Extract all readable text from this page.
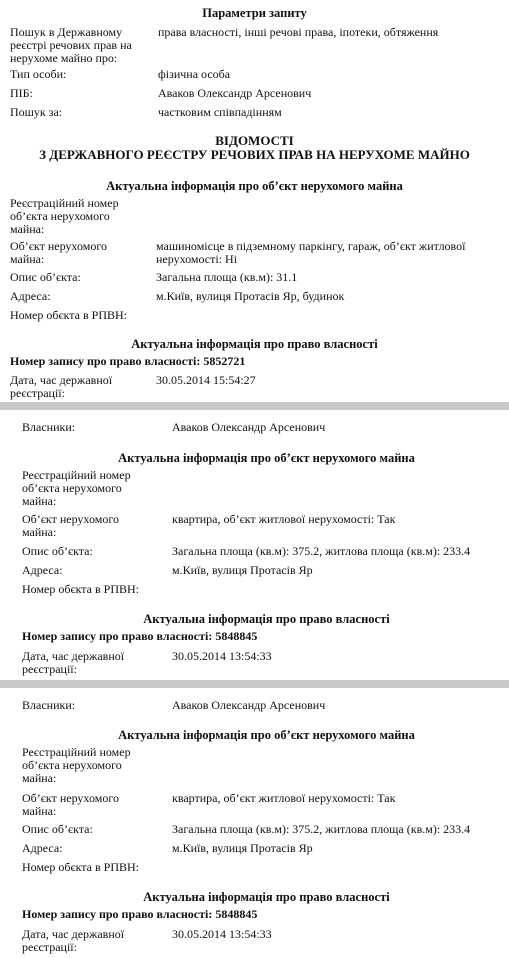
Параметри запиту
Пошук в Державному реєстрі речових прав на нерухоме майно про:
права власності, інші речові права, іпотеки, обтяження
Тип особи:	фізична особа
ПІБ:	Аваков Олександр Арсенович
Пошук за:	частковим співпадінням
ВІДОМОСТІ
З ДЕРЖАВНОГО РЕЄСТРУ РЕЧОВИХ ПРАВ НА НЕРУХОМЕ МАЙНО
Актуальна інформація про об’єкт нерухомого майна
Реєстраційний номер об’єкта нерухомого майна:
Об’єкт нерухомого майна:
машиномісце в підземному паркінгу, гараж, об’єкт житлової нерухомості: Ні
Опис об’єкта:	Загальна площа (кв.м): 31.1
Адреса:	м.Київ, вулиця Протасів Яр, будинок
Номер обєкта в РПВН:
Актуальна інформація про право власності
Номер запису про право власності: 5852721
Дата, час державної реєстрації:
30.05.2014 15:54:27
Власники:	Аваков Олександр Арсенович
Актуальна інформація про об’єкт нерухомого майна
Реєстраційний номер об’єкта нерухомого майна:
Об’єкт нерухомого майна:
квартира, об’єкт житлової нерухомості: Так
Опис об’єкта:	Загальна площа (кв.м): 375.2, житлова площа (кв.м): 233.4
Адреса:	м.Київ, вулиця Протасів Яр
Номер обєкта в РПВН:
Актуальна інформація про право власності
Номер запису про право власності: 5848845
Дата, час державної реєстрації:
30.05.2014 13:54:33
Власники:	Аваков Олександр Арсенович
Актуальна інформація про об’єкт нерухомого майна
Реєстраційний номер об’єкта нерухомого майна:
Об’єкт нерухомого майна:
квартира, об’єкт житлової нерухомості: Так
Опис об’єкта:	Загальна площа (кв.м): 375.2, житлова площа (кв.м): 233.4
Адреса:	м.Київ, вулиця Протасів Яр
Номер обєкта в РПВН:
Актуальна інформація про право власності
Номер запису про право власності: 5848845
Дата, час державної реєстрації:
30.05.2014 13:54:33
